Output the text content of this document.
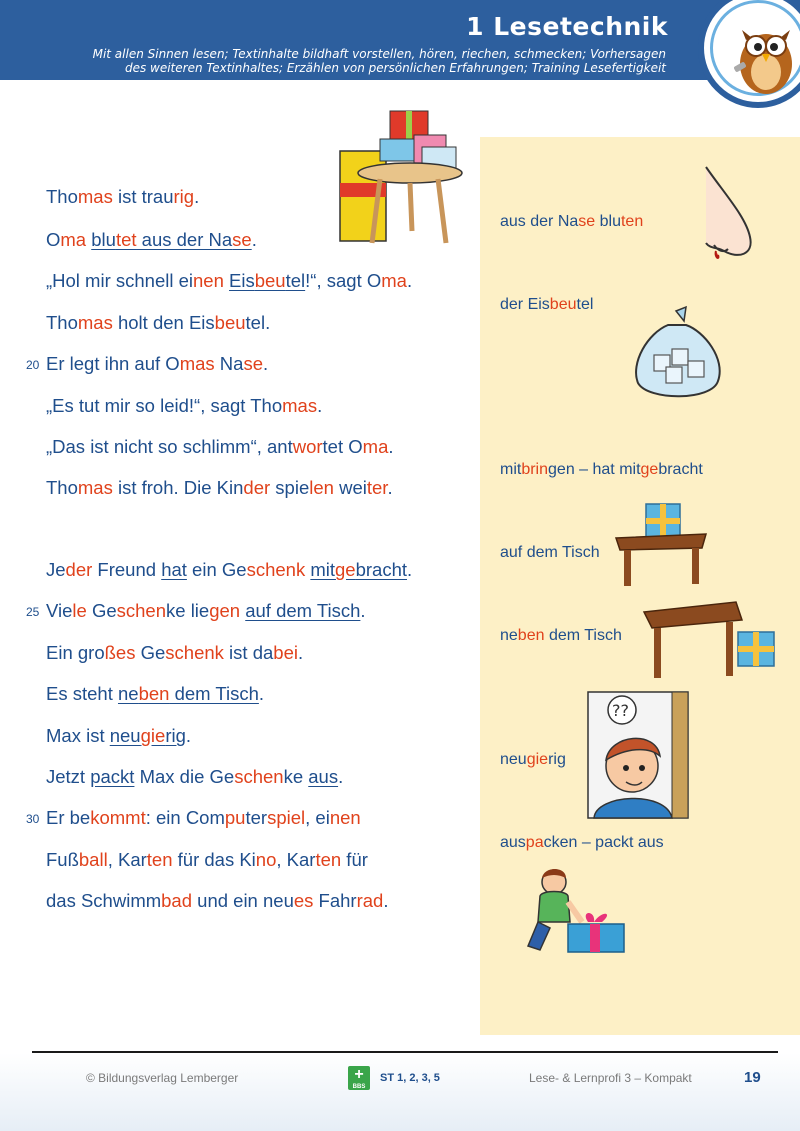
1 Lesetechnik
Mit allen Sinnen lesen; Textinhalte bildhaft vorstellen, hören, riechen, schmecken; Vorhersagen
des weiteren Textinhaltes; Erzählen von persönlichen Erfahrungen; Training Lesefertigkeit
Thomas ist traurig.
Oma blutet aus der Nase.
„Hol mir schnell einen Eisbeutel!“, sagt Oma.
Thomas holt den Eisbeutel.
20 Er legt ihn auf Omas Nase.
„Es tut mir so leid!“, sagt Thomas.
„Das ist nicht so schlimm“, antwortet Oma.
Thomas ist froh. Die Kinder spielen weiter.
Jeder Freund hat ein Geschenk mitgebracht.
25 Viele Geschenke liegen auf dem Tisch.
Ein großes Geschenk ist dabei.
Es steht neben dem Tisch.
Max ist neugierig.
Jetzt packt Max die Geschenke aus.
30 Er bekommt: ein Computerspiel, einen
Fußball, Karten für das Kino, Karten für
das Schwimmbad und ein neues Fahrrad.
aus der Nase bluten
der Eisbeutel
mitbringen – hat mitgebracht
auf dem Tisch
neben dem Tisch
neugierig
auspacken – packt aus
??
© Bildungsverlag Lemberger	+
BBS
ST 1, 2, 3, 5	Lese- & Lernprofi 3 – Kompakt	19
